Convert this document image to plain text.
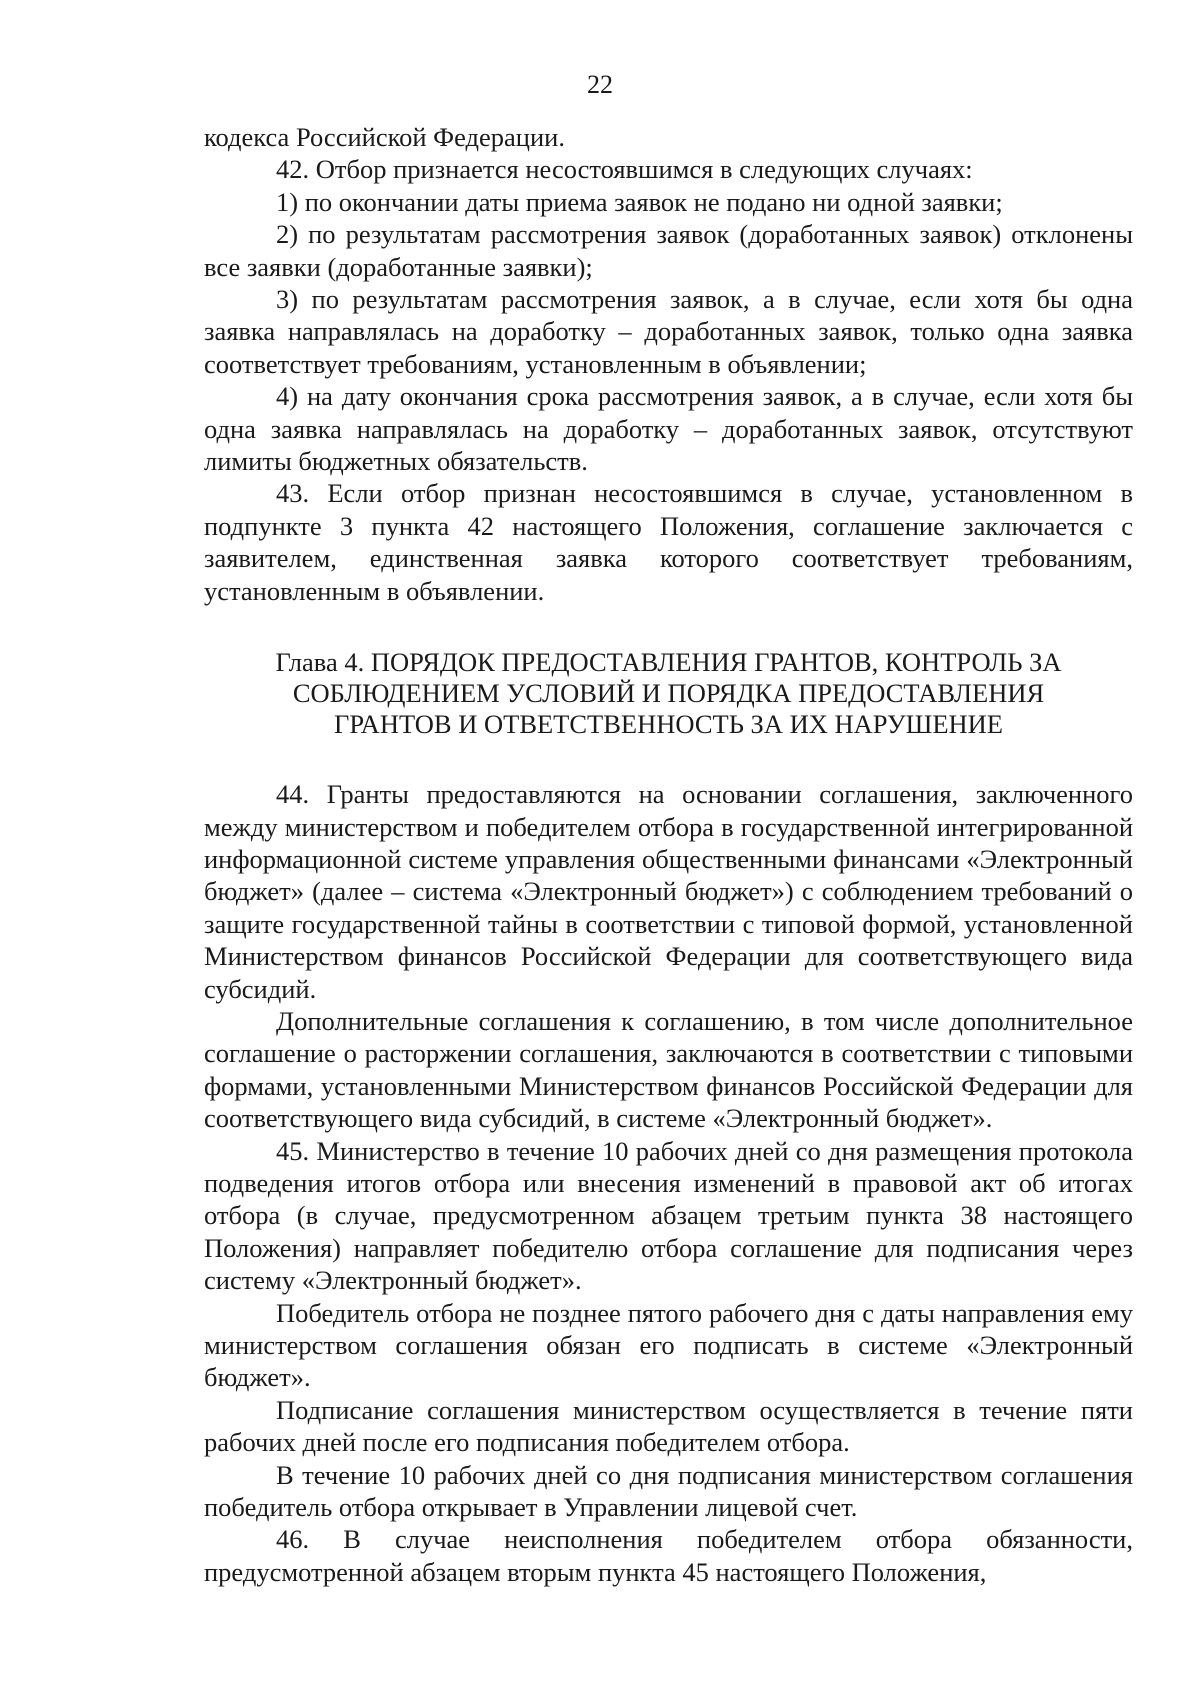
22

кодекса Российской Федерации.

42. Отбор признается несостоявшимся в следующих случаях:

1) по окончании даты приема заявок не подано ни одной заявки;

2) по результатам рассмотрения заявок (доработанных заявок) отклонены все заявки (доработанные заявки);

3) по результатам рассмотрения заявок, а в случае, если хотя бы одна заявка направлялась на доработку – доработанных заявок, только одна заявка соответствует требованиям, установленным в объявлении;

4) на дату окончания срока рассмотрения заявок, а в случае, если хотя бы одна заявка направлялась на доработку – доработанных заявок, отсутствуют лимиты бюджетных обязательств.

43. Если отбор признан несостоявшимся в случае, установленном в подпункте 3 пункта 42 настоящего Положения, соглашение заключается с заявителем, единственная заявка которого соответствует требованиям, установленным в объявлении.

Глава 4. ПОРЯДОК ПРЕДОСТАВЛЕНИЯ ГРАНТОВ, КОНТРОЛЬ ЗА
СОБЛЮДЕНИЕМ УСЛОВИЙ И ПОРЯДКА ПРЕДОСТАВЛЕНИЯ
ГРАНТОВ И ОТВЕТСТВЕННОСТЬ ЗА ИХ НАРУШЕНИЕ

44. Гранты предоставляются на основании соглашения, заключенного между министерством и победителем отбора в государственной интегрированной информационной системе управления общественными финансами «Электронный бюджет» (далее – система «Электронный бюджет») с соблюдением требований о защите государственной тайны в соответствии с типовой формой, установленной Министерством финансов Российской Федерации для соответствующего вида субсидий.

Дополнительные соглашения к соглашению, в том числе дополнительное соглашение о расторжении соглашения, заключаются в соответствии с типовыми формами, установленными Министерством финансов Российской Федерации для соответствующего вида субсидий, в системе «Электронный бюджет».

45. Министерство в течение 10 рабочих дней со дня размещения протокола подведения итогов отбора или внесения изменений в правовой акт об итогах отбора (в случае, предусмотренном абзацем третьим пункта 38 настоящего Положения) направляет победителю отбора соглашение для подписания через систему «Электронный бюджет».

Победитель отбора не позднее пятого рабочего дня с даты направления ему министерством соглашения обязан его подписать в системе «Электронный бюджет».

Подписание соглашения министерством осуществляется в течение пяти рабочих дней после его подписания победителем отбора.

В течение 10 рабочих дней со дня подписания министерством соглашения победитель отбора открывает в Управлении лицевой счет.

46. В случае неисполнения победителем отбора обязанности, предусмотренной абзацем вторым пункта 45 настоящего Положения,
